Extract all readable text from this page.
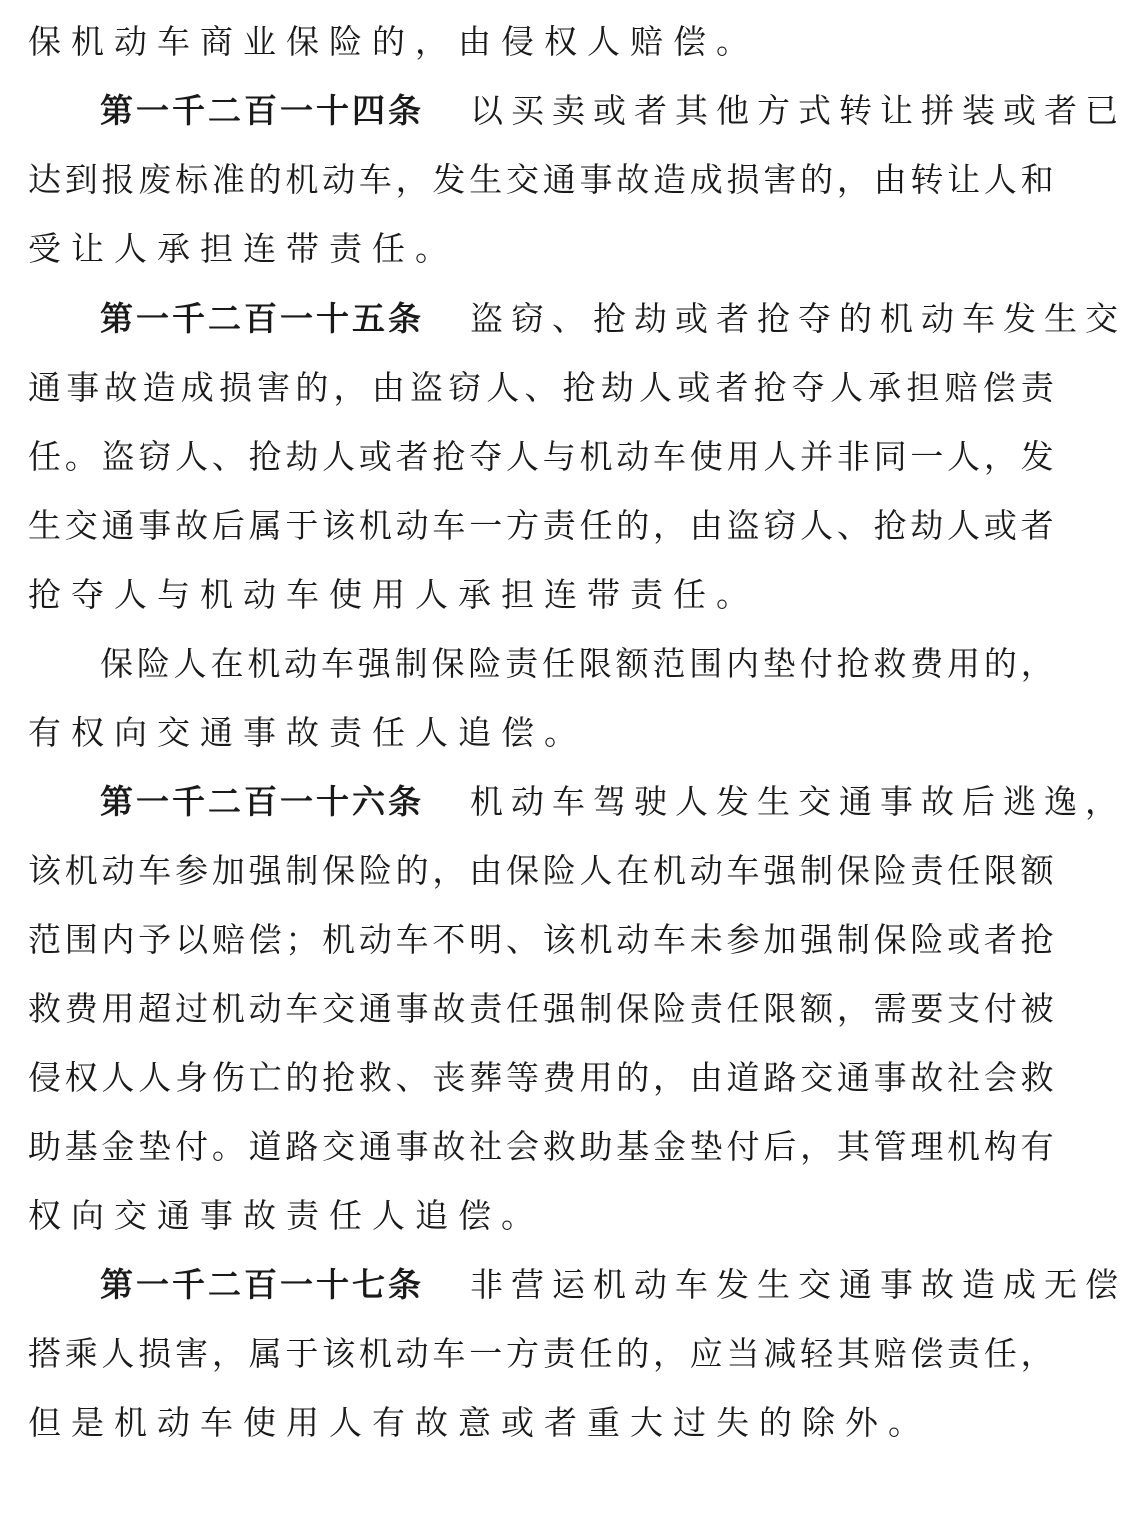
保机动车商业保险的，由侵权人赔偿。
第一千二百一十四条 以买卖或者其他方式转让拼装或者已
达 到 报 废 标 准 的 机 动 车 ， 发 生 交 通 事 故 造 成 损 害 的 ， 由 转 让 人 和
受让人承担连带责任。
第一千二百一十五条 盗窃、抢劫或者抢夺的机动车发生交
通 事 故 造 成 损 害 的 ， 由 盗 窃 人 、 抢 劫 人 或 者 抢 夺 人 承 担 赔 偿 责
任 。 盗 窃 人 、 抢 劫 人 或 者 抢 夺 人 与 机 动 车 使 用 人 并 非 同 一 人 ， 发
生 交 通 事 故 后 属 于 该 机 动 车 一 方 责 任 的 ， 由 盗 窃 人 、 抢 劫 人 或 者
抢夺人与机动车使用人承担连带责任。
保 险 人 在 机 动 车 强 制 保 险 责 任 限 额 范 围 内 垫 付 抢 救 费 用 的 ，
有权向交通事故责任人追偿。
第一千二百一十六条 机动车驾驶人发生交通事故后逃逸，
该 机 动 车 参 加 强 制 保 险 的 ， 由 保 险 人 在 机 动 车 强 制 保 险 责 任 限 额
范 围 内 予 以 赔 偿 ； 机 动 车 不 明 、 该 机 动 车 未 参 加 强 制 保 险 或 者 抢
救 费 用 超 过 机 动 车 交 通 事 故 责 任 强 制 保 险 责 任 限 额 ， 需 要 支 付 被
侵 权 人 人 身 伤 亡 的 抢 救 、 丧 葬 等 费 用 的 ， 由 道 路 交 通 事 故 社 会 救
助 基 金 垫 付 。 道 路 交 通 事 故 社 会 救 助 基 金 垫 付 后 ， 其 管 理 机 构 有
权向交通事故责任人追偿。
第一千二百一十七条 非营运机动车发生交通事故造成无偿
搭 乘 人 损 害 ， 属 于 该 机 动 车 一 方 责 任 的 ， 应 当 减 轻 其 赔 偿 责 任 ，
但是机动车使用人有故意或者重大过失的除外。
